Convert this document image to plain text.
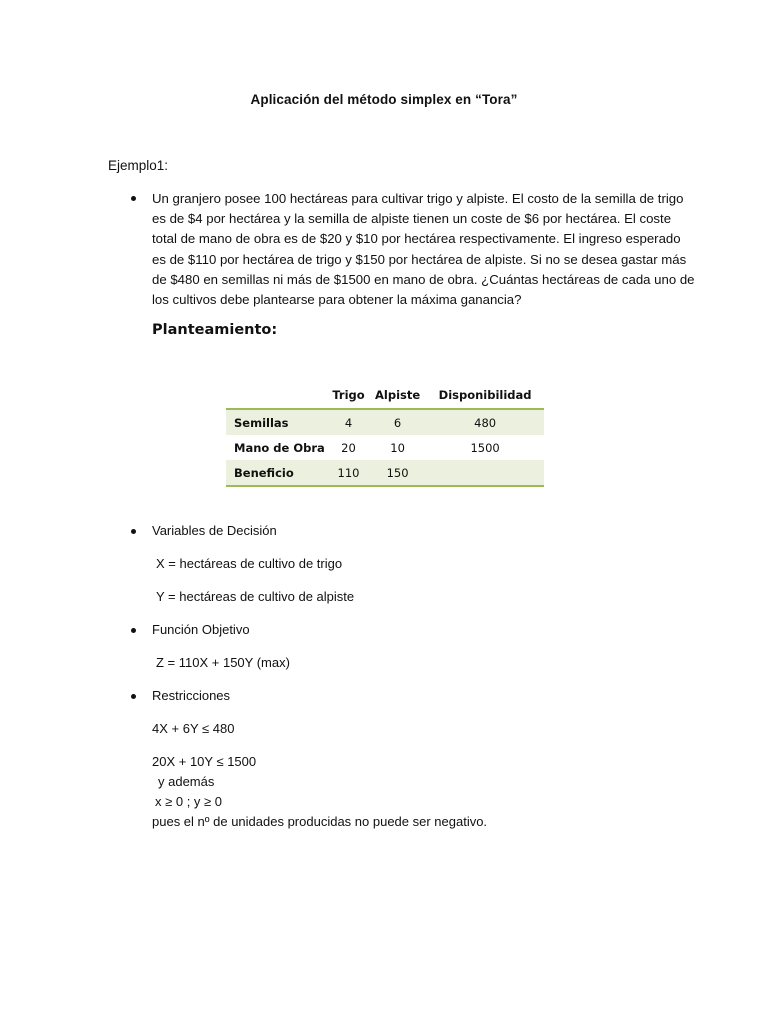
Aplicación del método simplex en “Tora”
Ejemplo1:
Un granjero posee 100 hectáreas para cultivar trigo y alpiste. El costo de la semilla de trigo
es de $4 por hectárea y la semilla de alpiste tienen un coste de $6 por hectárea. El coste
total de mano de obra es de $20 y $10 por hectárea respectivamente. El ingreso esperado
es de $110 por hectárea de trigo y $150 por hectárea de alpiste. Si no se desea gastar más
de $480 en semillas ni más de $1500 en mano de obra. ¿Cuántas hectáreas de cada uno de
los cultivos debe plantearse para obtener la máxima ganancia?
Planteamiento:
	Trigo	Alpiste	Disponibilidad
Semillas	4	6	480
Mano de Obra	20	10	1500
Beneficio	110	150	
Variables de Decisión
X = hectáreas de cultivo de trigo
Y = hectáreas de cultivo de alpiste
Función Objetivo
Z = 110X + 150Y (max)
Restricciones
4X + 6Y ≤ 480
20X + 10Y ≤ 1500
y además
x ≥ 0 ; y ≥ 0
pues el nº de unidades producidas no puede ser negativo.
